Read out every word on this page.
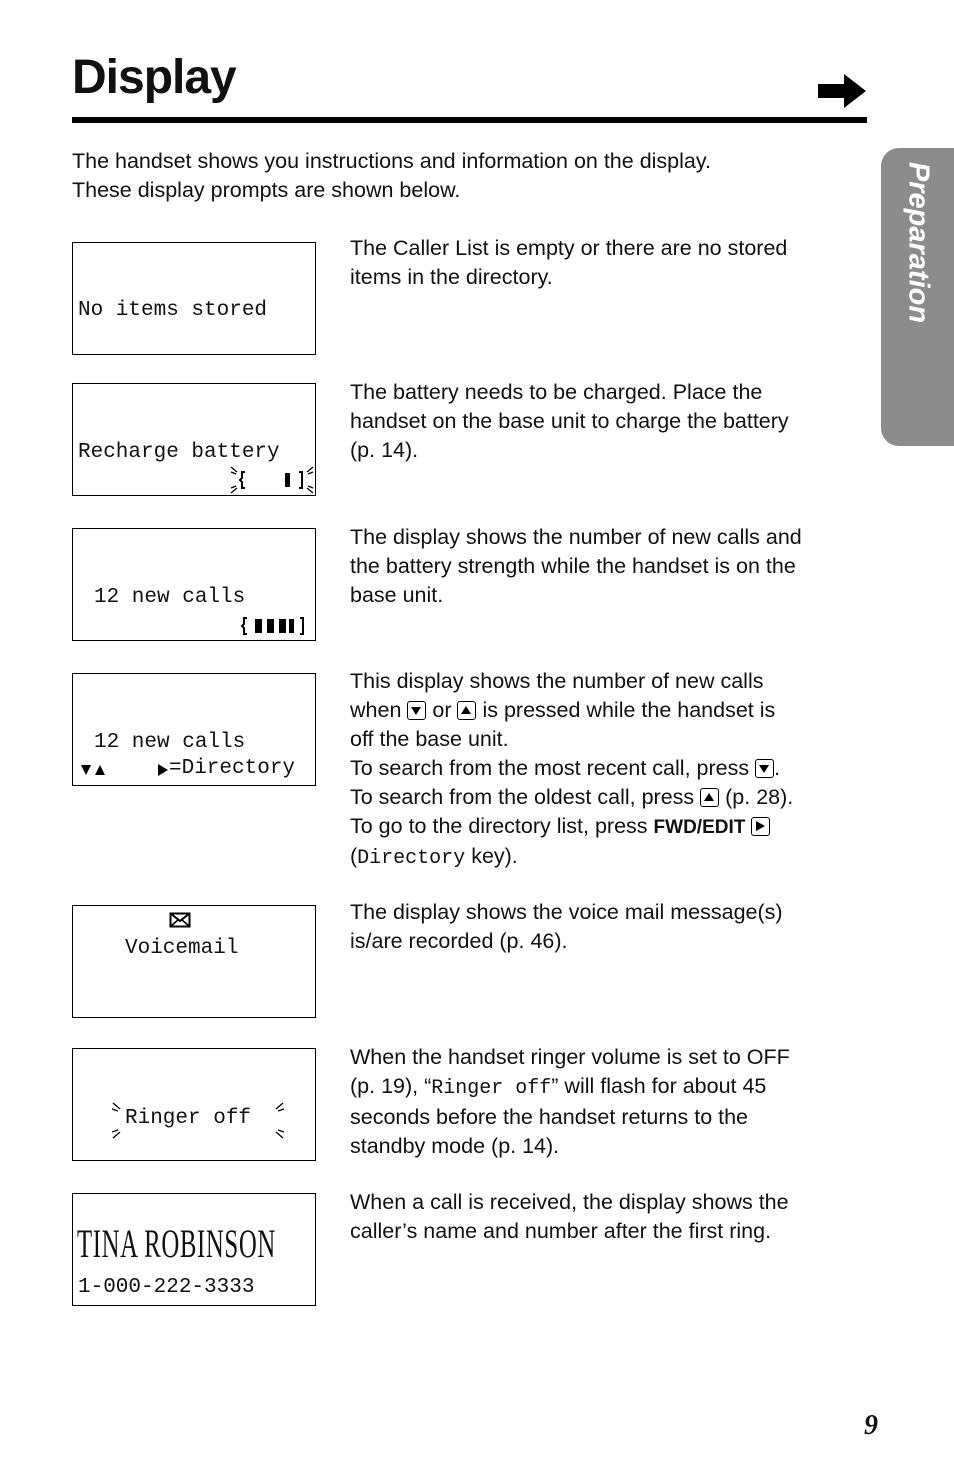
Display
Preparation
The handset shows you instructions and information on the display.
These display prompts are shown below.
No items stored
The Caller List is empty or there are no stored
items in the directory.
Recharge battery
The battery needs to be charged. Place the
handset on the base unit to charge the battery
(p. 14).
12 new calls
The display shows the number of new calls and
the battery strength while the handset is on the
base unit.
12 new calls
=Directory
This display shows the number of new calls
when or is pressed while the handset is
off the base unit.
To search from the most recent call, press .
To search from the oldest call, press (p. 28).
To go to the directory list, press FWD/EDIT
(Directory key).
Voicemail
The display shows the voice mail message(s)
is/are recorded (p. 46).
Ringer off
When the handset ringer volume is set to OFF
(p. 19), “Ringer off” will flash for about 45
seconds before the handset returns to the
standby mode (p. 14).
TINA ROBINSON
1-000-222-3333
When a call is received, the display shows the
caller’s name and number after the first ring.
9
